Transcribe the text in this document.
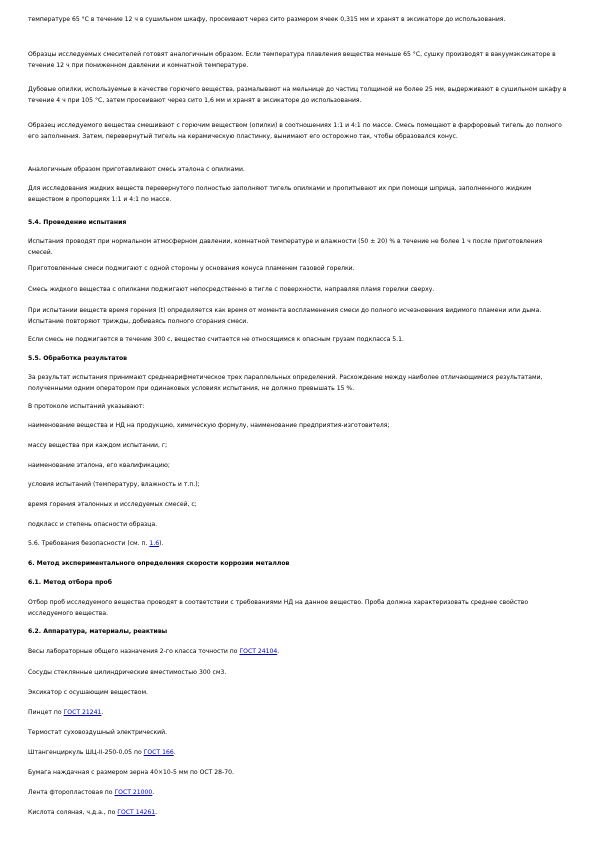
температуре 65 °С в течение 12 ч в сушильном шкафу, просеивают через сито размером ячеек 0,315 мм и хранят в эксикаторе до использования.

Образцы исследуемых смесителей готовят аналогичным образом. Если температура плавления вещества меньше 65 °С, сушку производят в вакуумэксикаторе в течение 12 ч при пониженном давлении и комнатной температуре.

Дубовые опилки, используемые в качестве горючего вещества, размалывают на мельнице до частиц толщиной не более 25 мм, выдерживают в сушильном шкафу в течение 4 ч при 105 °С, затем просеивают через сито 1,6 мм и хранят в эксикаторе до использования.

Образец исследуемого вещества смешивают с горючим веществом (опилки) в соотношениях 1:1 и 4:1 по массе. Смесь помещают в фарфоровый тигель до полного его заполнения. Затем, перевернутый тигель на керамическую пластинку, вынимают его осторожно так, чтобы образовался конус.

Аналогичным образом приготавливают смесь эталона с опилками.

Для исследования жидких веществ перевернутого полностью заполняют тигель опилками и пропитывают их при помощи шприца, заполненного жидким веществом в пропорциях 1:1 и 4:1 по массе.

5.4. Проведение испытания

Испытания проводят при нормальном атмосферном давлении, комнатной температуре и влажности (50 ± 20) % в течение не более 1 ч после приготовления смесей.

Приготовленные смеси поджигают с одной стороны у основания конуса пламенем газовой горелки.

Смесь жидкого вещества с опилками поджигают непосредственно в тигле с поверхности, направляя пламя горелки сверху.

При испытании веществ время горения (t) определяется как время от момента воспламенения смеси до полного исчезновения видимого пламени или дыма. Испытание повторяют трижды, добиваясь полного сгорания смеси.

Если смесь не поджигается в течение 300 с, вещество считается не относящимся к опасным грузам подкласса 5.1.

5.5. Обработка результатов

За результат испытания принимают среднеарифметическое трех параллельных определений. Расхождение между наиболее отличающимися результатами, полученными одним оператором при одинаковых условиях испытания, не должно превышать 15 %.

В протоколе испытаний указывают:

наименование вещества и НД на продукцию, химическую формулу, наименование предприятия-изготовителя;

массу вещества при каждом испытании, г;

наименование эталона, его квалификацию;

условия испытаний (температуру, влажность и т.п.);

время горения эталонных и исследуемых смесей, с;

подкласс и степень опасности образца.

5.6. Требования безопасности (см. п. 1.6).

6. Метод экспериментального определения скорости коррозии металлов

6.1. Метод отбора проб

Отбор проб исследуемого вещества проводят в соответствии с требованиями НД на данное вещество. Проба должна характеризовать среднее свойство исследуемого вещества.

6.2. Аппаратура, материалы, реактивы

Весы лабораторные общего назначения 2-го класса точности по ГОСТ 24104.

Сосуды стеклянные цилиндрические вместимостью 300 см3.

Эксикатор с осушающим веществом.

Пинцет по ГОСТ 21241.

Термостат суховоздушный электрический.

Штангенциркуль ШЦ-II-250-0,05 по ГОСТ 166.

Бумага наждачная с размером зерна 40×10-5 мм по ОСТ 28-70.

Лента фторопластовая по ГОСТ 21000.

Кислота соляная, ч.д.а., по ГОСТ 14261.
